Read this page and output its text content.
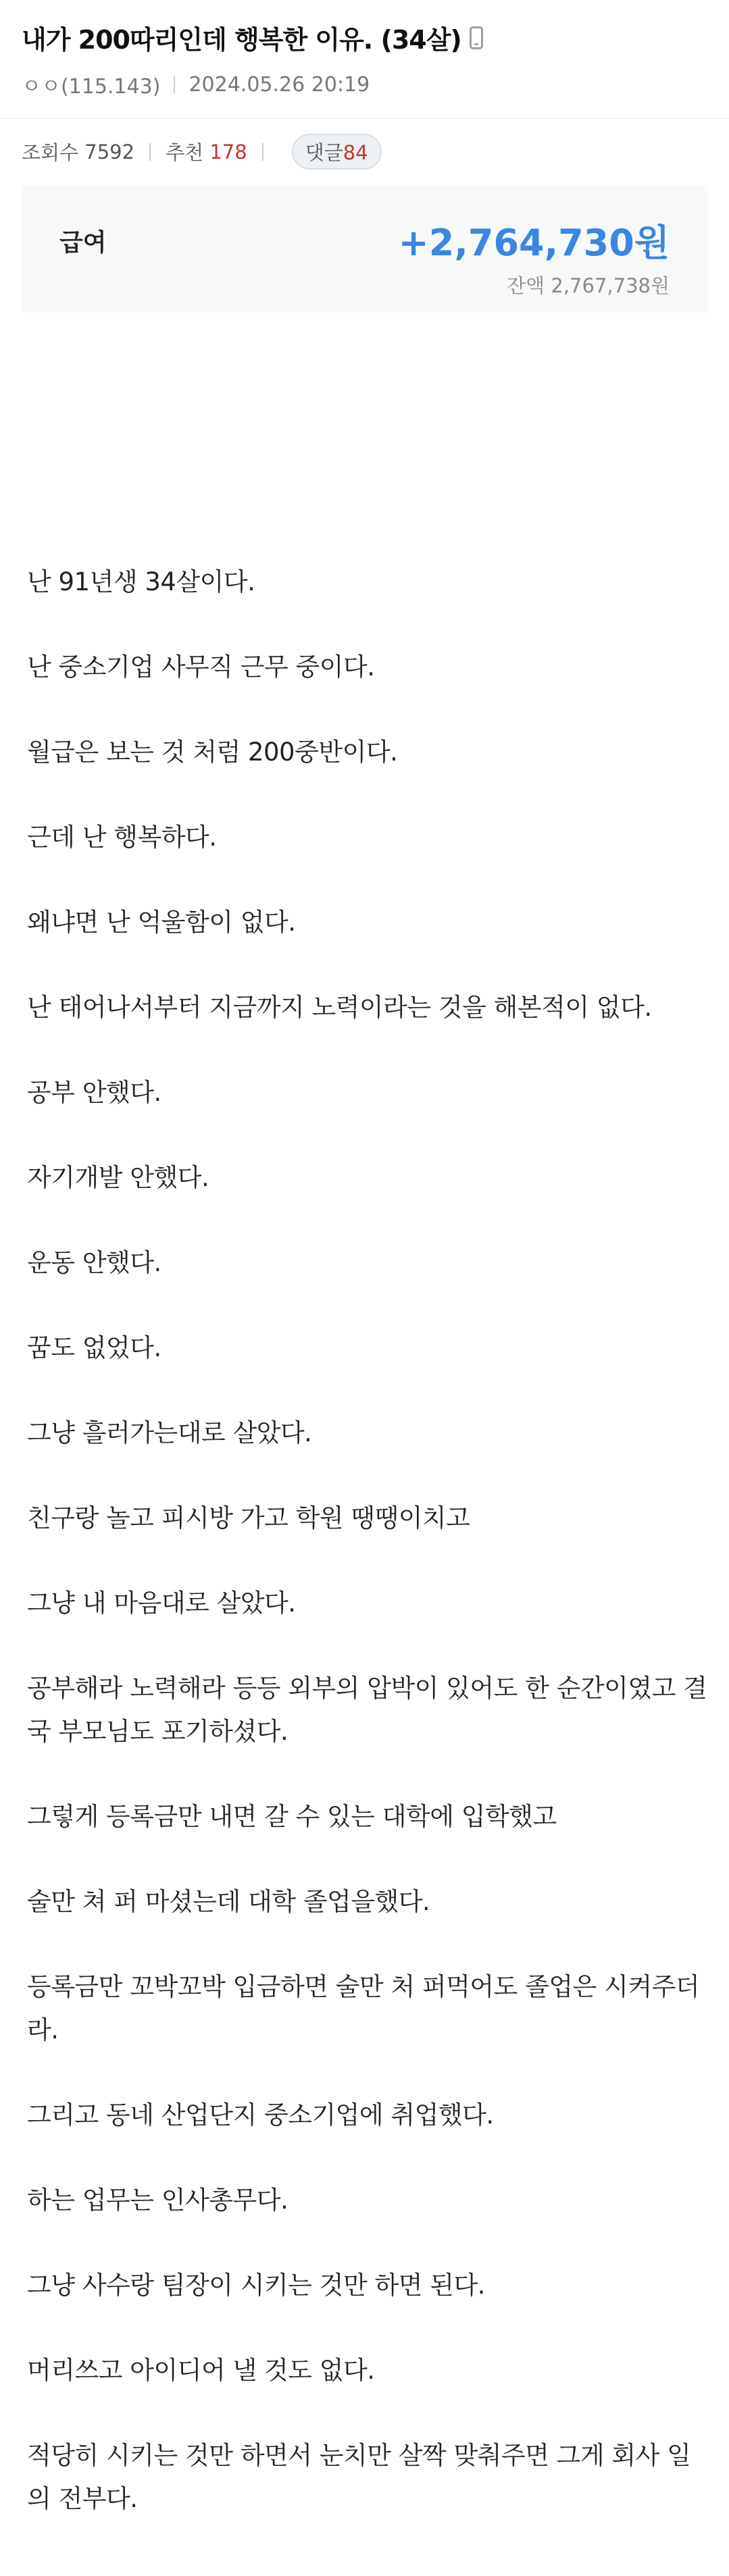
내가 200따리인데 행복한 이유. (34살)
ㅇㅇ(115.143) 2024.05.26 20:19
조회수
7592 추천
178	댓글84
급여	+2,764,730원
잔액 2,767,738원

난 91년생 34살이다.

난 중소기업 사무직 근무 중이다.

월급은 보는 것 처럼 200중반이다.

근데 난 행복하다.

왜냐면 난 억울함이 없다.

난 태어나서부터 지금까지 노력이라는 것을 해본적이 없다.

공부 안했다.

자기개발 안했다.

운동 안했다.

꿈도 없었다.

그냥 흘러가는대로 살았다.

친구랑 놀고 피시방 가고 학원 땡땡이치고

그냥 내 마음대로 살았다.

공부해라 노력해라 등등 외부의 압박이 있어도 한 순간이였고 결국 부모님도 포기하셨다.

그렇게 등록금만 내면 갈 수 있는 대학에 입학했고

술만 쳐 퍼 마셨는데 대학 졸업을했다.

등록금만 꼬박꼬박 입금하면 술만 처 퍼먹어도 졸업은 시켜주더라.

그리고 동네 산업단지 중소기업에 취업했다.

하는 업무는 인사총무다.

그냥 사수랑 팀장이 시키는 것만 하면 된다.

머리쓰고 아이디어 낼 것도 없다.

적당히 시키는 것만 하면서 눈치만 살짝 맞춰주면 그게 회사 일의 전부다.
